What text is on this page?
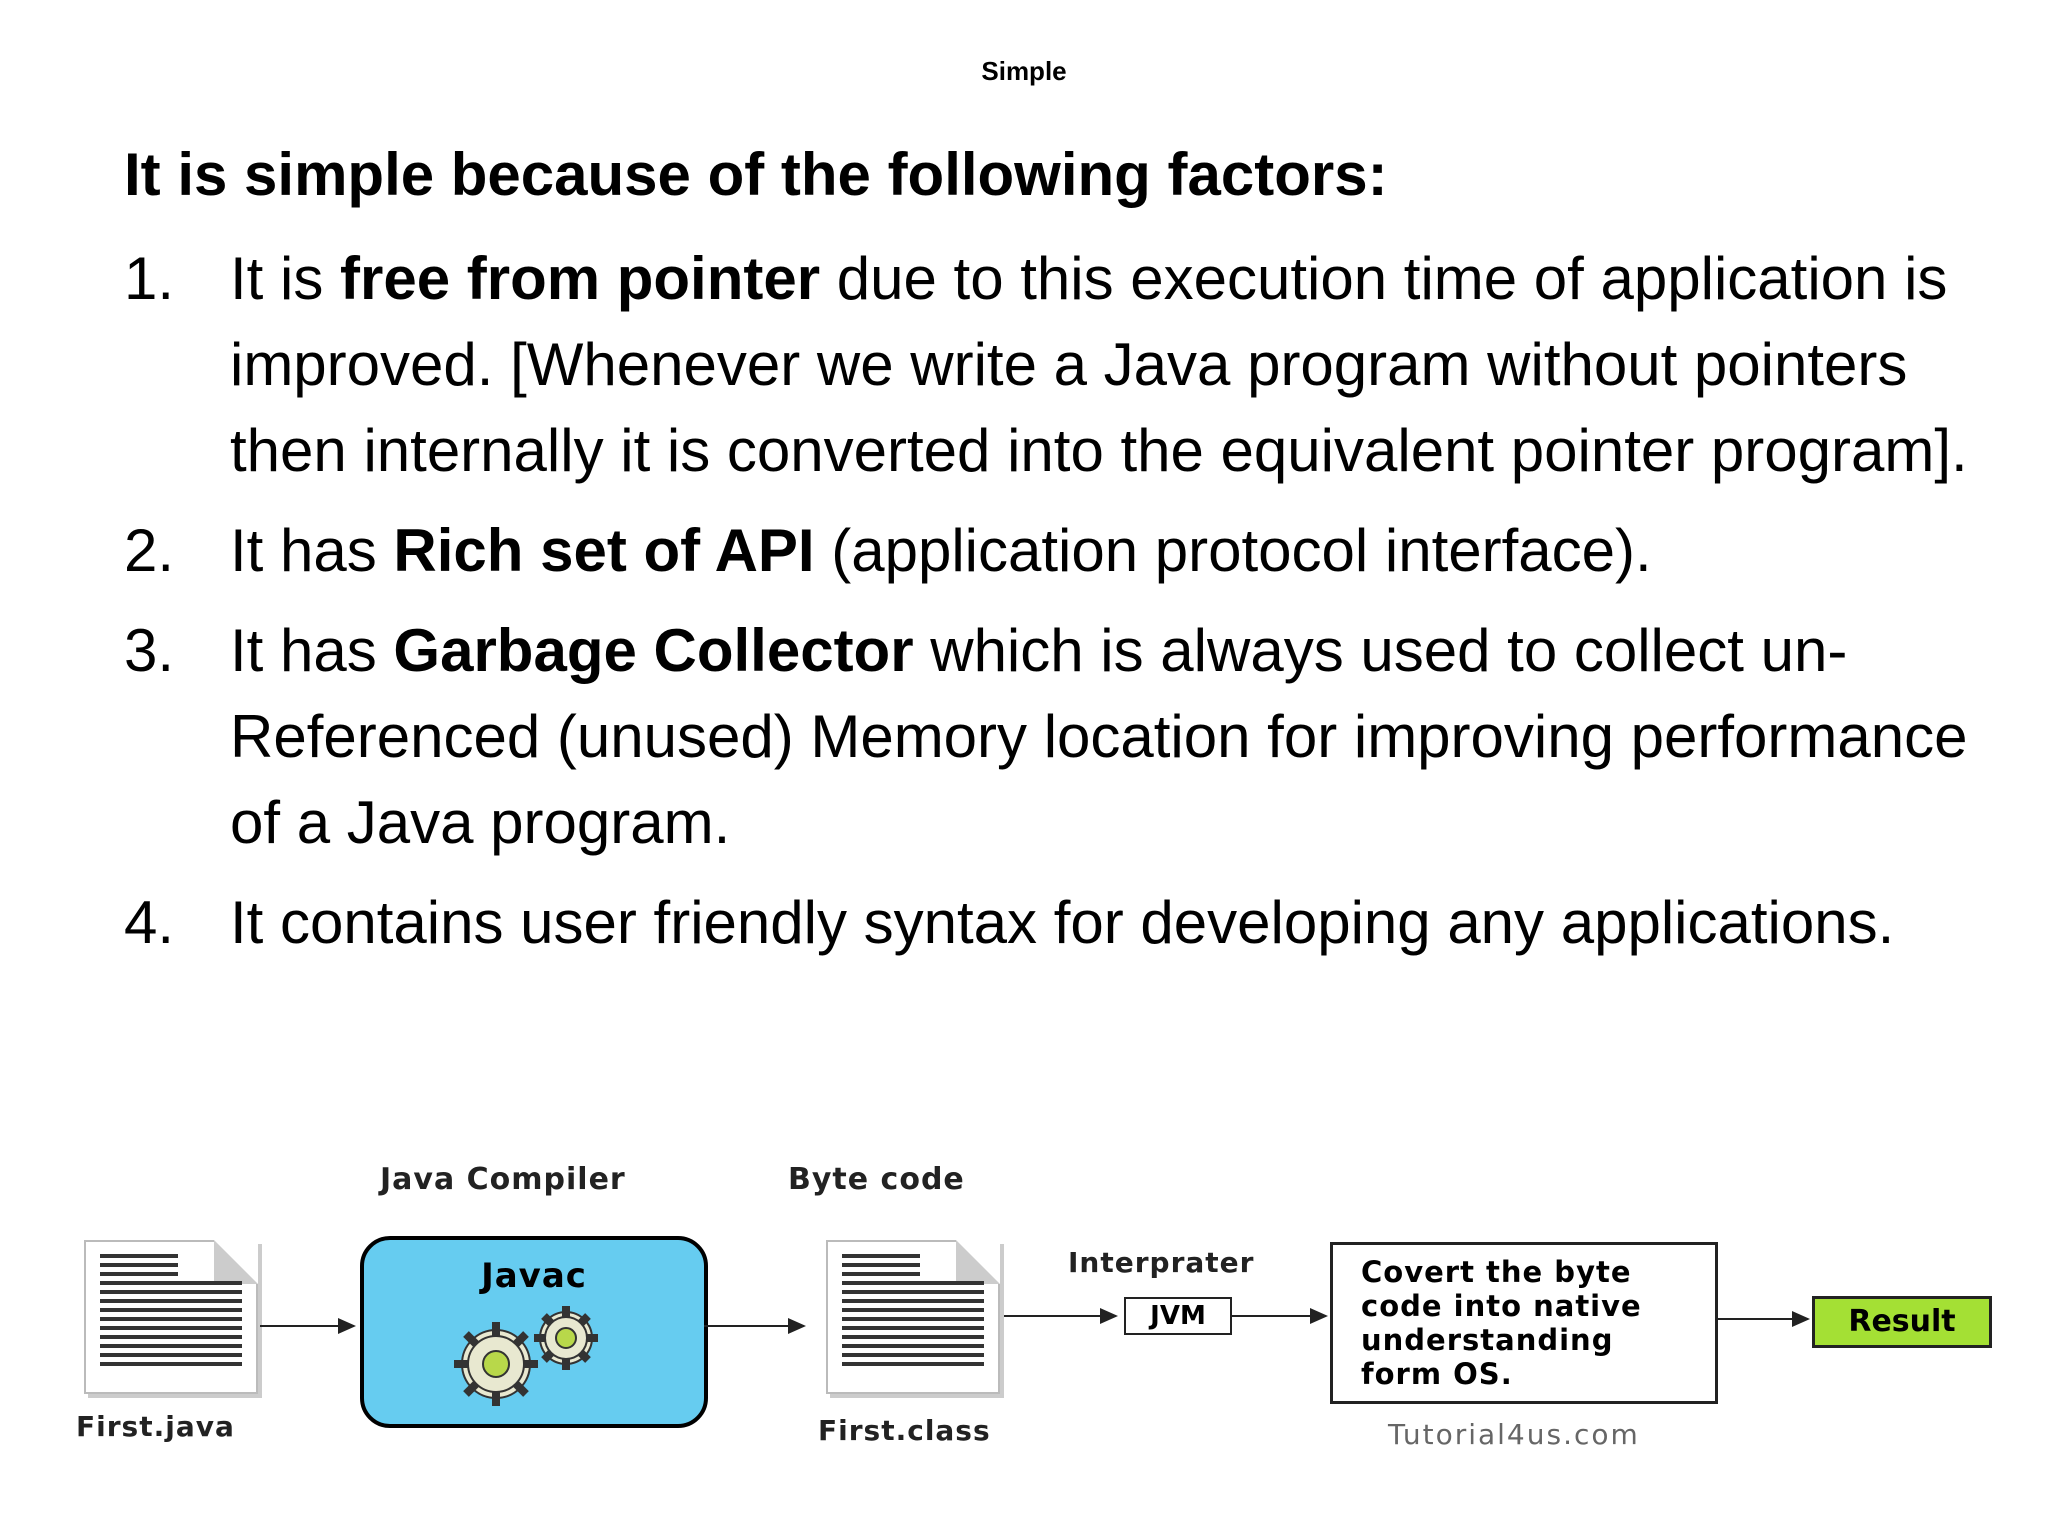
Simple
It is simple because of the following factors:
1. It is free from pointer due to this execution time of application is improved. [Whenever we write a Java program without pointers then internally it is converted into the equivalent pointer program].
2. It has Rich set of API (application protocol interface).
3. It has Garbage Collector which is always used to collect un-Referenced (unused) Memory location for improving performance of a Java program.
4. It contains user friendly syntax for developing any applications.
Java Compiler	Byte code
First.java
Javac
First.class
Interprater
JVM
Covert the byte
code into native
understanding
form OS.
Result
Tutorial4us.com
